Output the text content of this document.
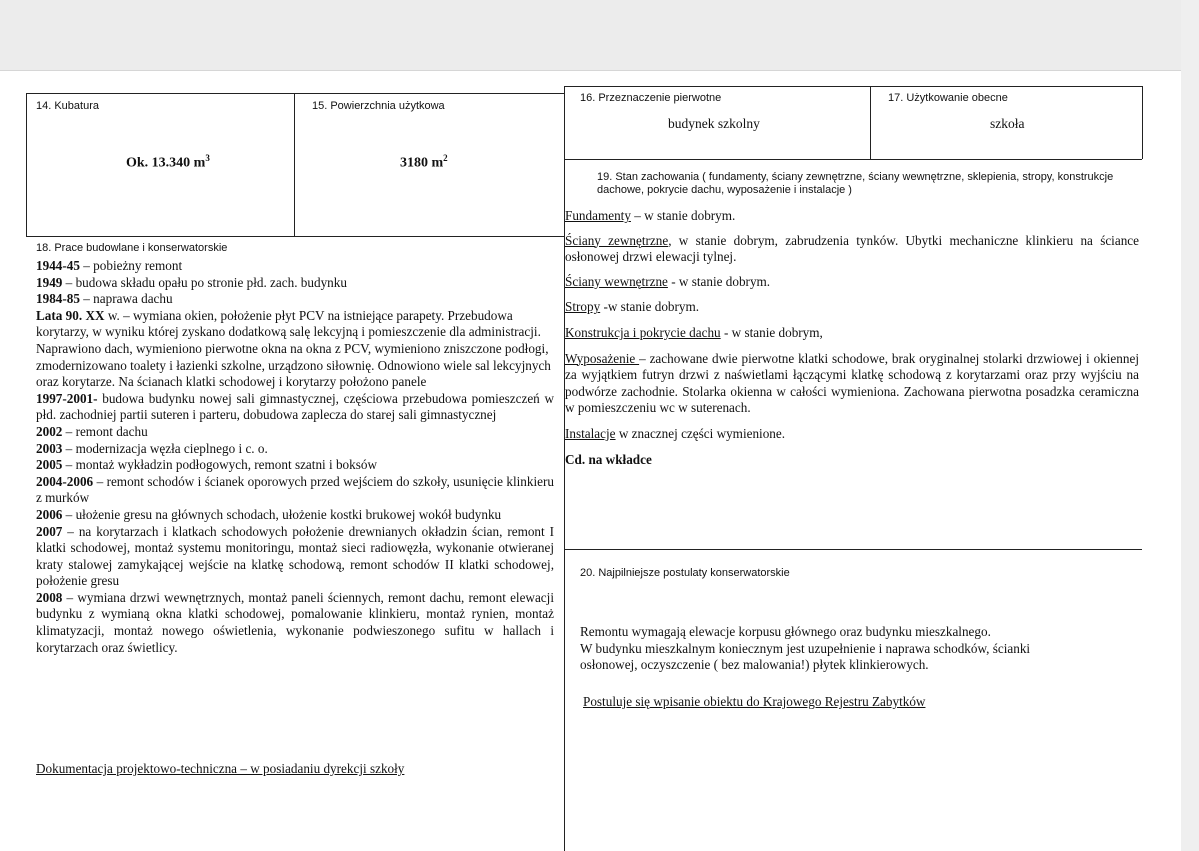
14. Kubatura
Ok. 13.340 $m^3$
15. Powierzchnia użytkowa
3180 $m^2$
16. Przeznaczenie pierwotne
budynek szkolny
17. Użytkowanie obecne
szkoła
19. Stan zachowania ( fundamenty, ściany zewnętrzne, ściany wewnętrzne, sklepienia, stropy, konstrukcje dachowe, pokrycie dachu, wyposażenie i instalacje )

Fundamenty – w stanie dobrym.

Ściany zewnętrzne, w stanie dobrym, zabrudzenia tynków. Ubytki mechaniczne klinkieru na ściance osłonowej drzwi elewacji tylnej.

Ściany wewnętrzne - w stanie dobrym.

Stropy -w stanie dobrym.

Konstrukcja i pokrycie dachu - w stanie dobrym,

Wyposażenie – zachowane dwie pierwotne klatki schodowe, brak oryginalnej stolarki drzwiowej i okiennej za wyjątkiem futryn drzwi z naświetlami łączącymi klatkę schodową z korytarzami oraz przy wyjściu na podwórze zachodnie. Stolarka okienna w całości wymieniona. Zachowana pierwotna posadzka ceramiczna w pomieszczeniu wc w suterenach.

Instalacje w znacznej części wymienione.

Cd. na wkładce

18. Prace budowlane i konserwatorskie

1944-45 – pobieżny remont

1949 – budowa składu opału po stronie płd. zach. budynku

1984-85 – naprawa dachu

Lata 90. XX w. – wymiana okien, położenie płyt PCV na istniejące parapety. Przebudowa korytarzy, w wyniku której zyskano dodatkową salę lekcyjną i pomieszczenie dla administracji. Naprawiono dach, wymieniono pierwotne okna na okna z PCV, wymieniono zniszczone podłogi, zmodernizowano toalety i łazienki szkolne, urządzono siłownię. Odnowiono wiele sal lekcyjnych oraz korytarze. Na ścianach klatki schodowej i korytarzy położono panele

1997-2001- budowa budynku nowej sali gimnastycznej, częściowa przebudowa pomieszczeń w płd. zachodniej partii suteren i parteru, dobudowa zaplecza do starej sali gimnastycznej

2002 – remont dachu

2003 – modernizacja węzła cieplnego i c. o.

2005 – montaż wykładzin podłogowych, remont szatni i boksów

2004-2006 – remont schodów i ścianek oporowych przed wejściem do szkoły, usunięcie klinkieru z murków

2006 – ułożenie gresu na głównych schodach, ułożenie kostki brukowej wokół budynku

2007 – na korytarzach i klatkach schodowych położenie drewnianych okładzin ścian, remont I klatki schodowej, montaż systemu monitoringu, montaż sieci radiowęzła, wykonanie otwieranej kraty stalowej zamykającej wejście na klatkę schodową, remont schodów II klatki schodowej, położenie gresu

2008 – wymiana drzwi wewnętrznych, montaż paneli ściennych, remont dachu, remont elewacji budynku z wymianą okna klatki schodowej, pomalowanie klinkieru, montaż rynien, montaż klimatyzacji, montaż nowego oświetlenia, wykonanie podwieszonego sufitu w hallach i korytarzach oraz świetlicy.

Dokumentacja projektowo-techniczna – w posiadaniu dyrekcji szkoły
20. Najpilniejsze postulaty konserwatorskie

Remontu wymagają elewacje korpusu głównego oraz budynku mieszkalnego.

W budynku mieszkalnym koniecznym jest uzupełnienie i naprawa schodków, ścianki

osłonowej, oczyszczenie ( bez malowania!) płytek klinkierowych.

Postuluje się wpisanie obiektu do Krajowego Rejestru Zabytków
